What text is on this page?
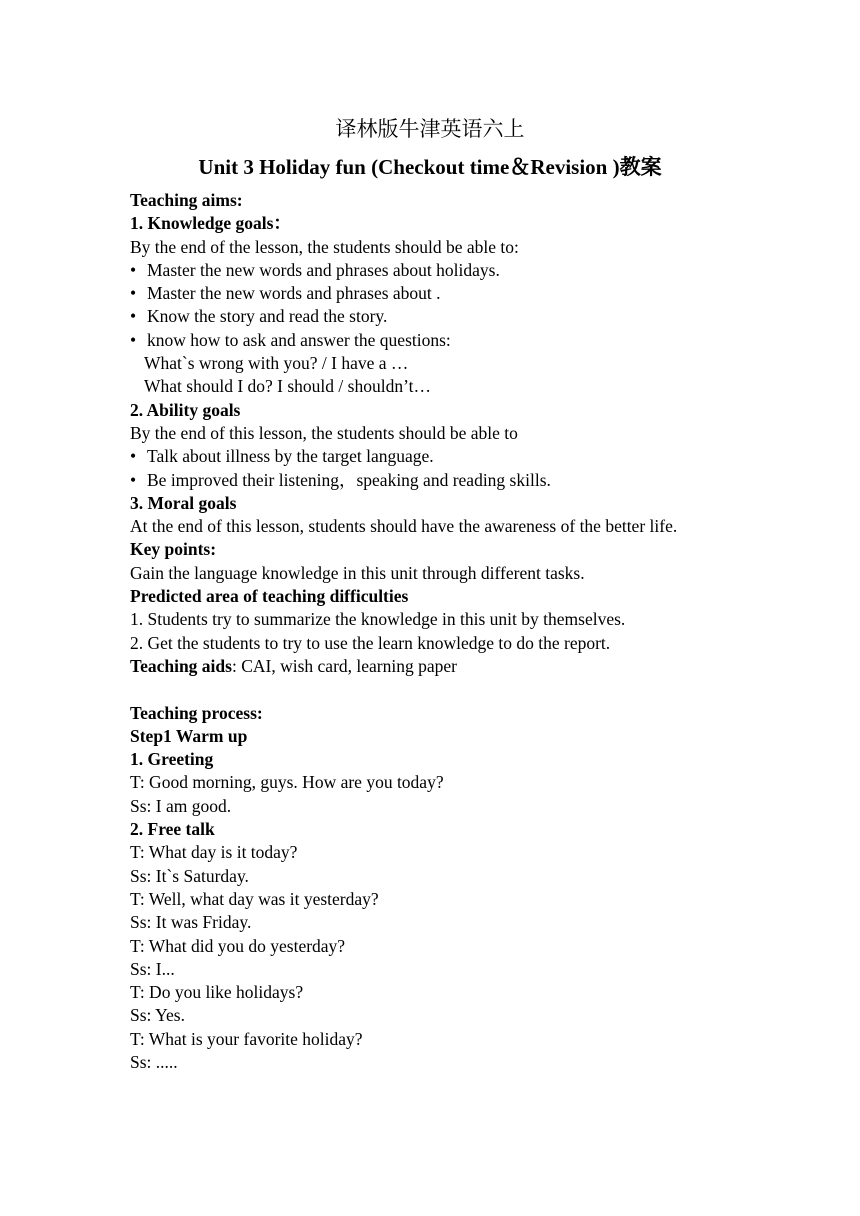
译林版牛津英语六上
Unit 3 Holiday fun (Checkout time＆Revision )教案
Teaching aims:
1. Knowledge goals：
By the end of the lesson, the students should be able to:
• Master the new words and phrases about holidays.
• Master the new words and phrases about .
• Know the story and read the story.
• know how to ask and answer the questions:
What`s wrong with you? / I have a …
What should I do? I should / shouldn’t…
2. Ability goals
By the end of this lesson, the students should be able to
• Talk about illness by the target language.
• Be improved their listening，speaking and reading skills.
3. Moral goals
At the end of this lesson, students should have the awareness of the better life.
Key points:
Gain the language knowledge in this unit through different tasks.
Predicted area of teaching difficulties
1. Students try to summarize the knowledge in this unit by themselves.
2. Get the students to try to use the learn knowledge to do the report.
Teaching aids: CAI, wish card, learning paper
Teaching process:
Step1 Warm up
1. Greeting
T: Good morning, guys. How are you today?
Ss: I am good.
2. Free talk
T: What day is it today?
Ss: It`s Saturday.
T: Well, what day was it yesterday?
Ss: It was Friday.
T: What did you do yesterday?
Ss: I...
T: Do you like holidays?
Ss: Yes.
T: What is your favorite holiday?
Ss: .....
